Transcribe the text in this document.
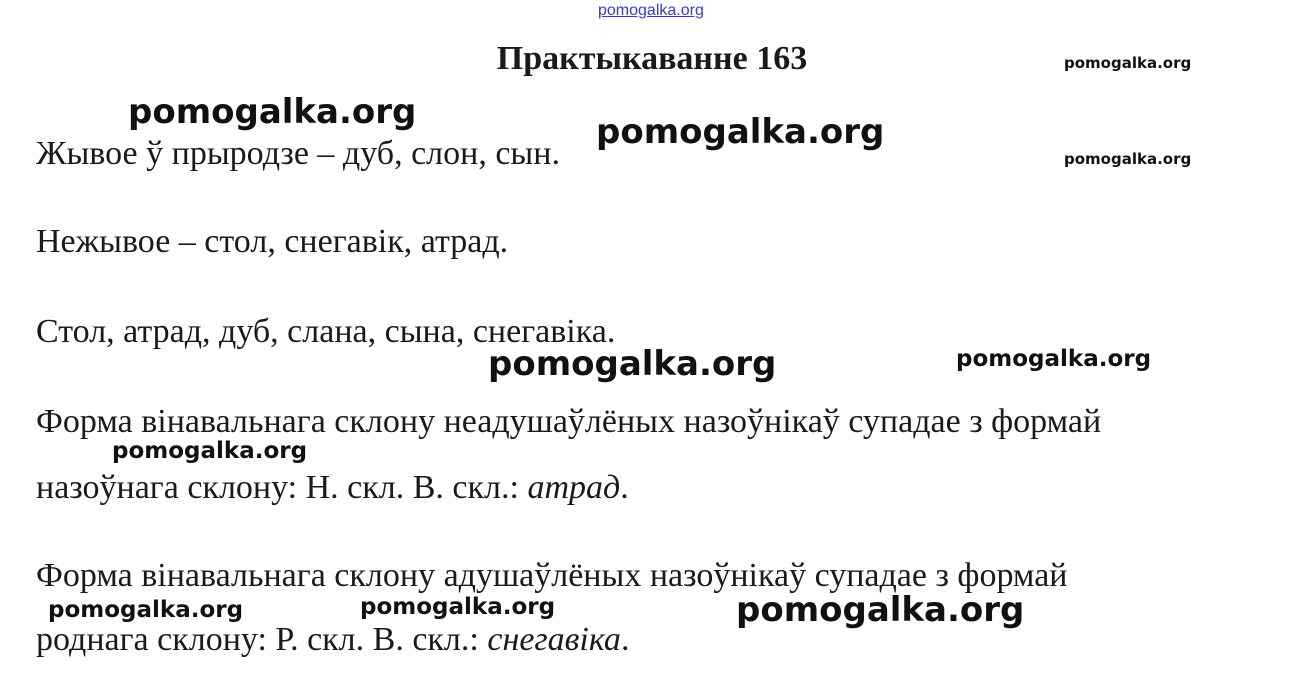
pomogalka.org
Практыкаванне 163

Жывое ў прыродзе – дуб, слон, сын.

Нежывое – стол, снегавік, атрад.

Стол, атрад, дуб, слана, сына, снегавіка.

Форма вінавальнага склону неадушаўлёных назоўнікаў супадае з формай

назоўнага склону: Н. скл. В. скл.: атрад.

Форма вінавальнага склону адушаўлёных назоўнікаў супадае з формай

роднага склону: Р. скл. В. скл.: снегавіка.

pomogalka.org	pomogalka.org
pomogalka.org
pomogalka.org
pomogalka.org	pomogalka.org
pomogalka.org
pomogalka.org	pomogalka.org	pomogalka.org
